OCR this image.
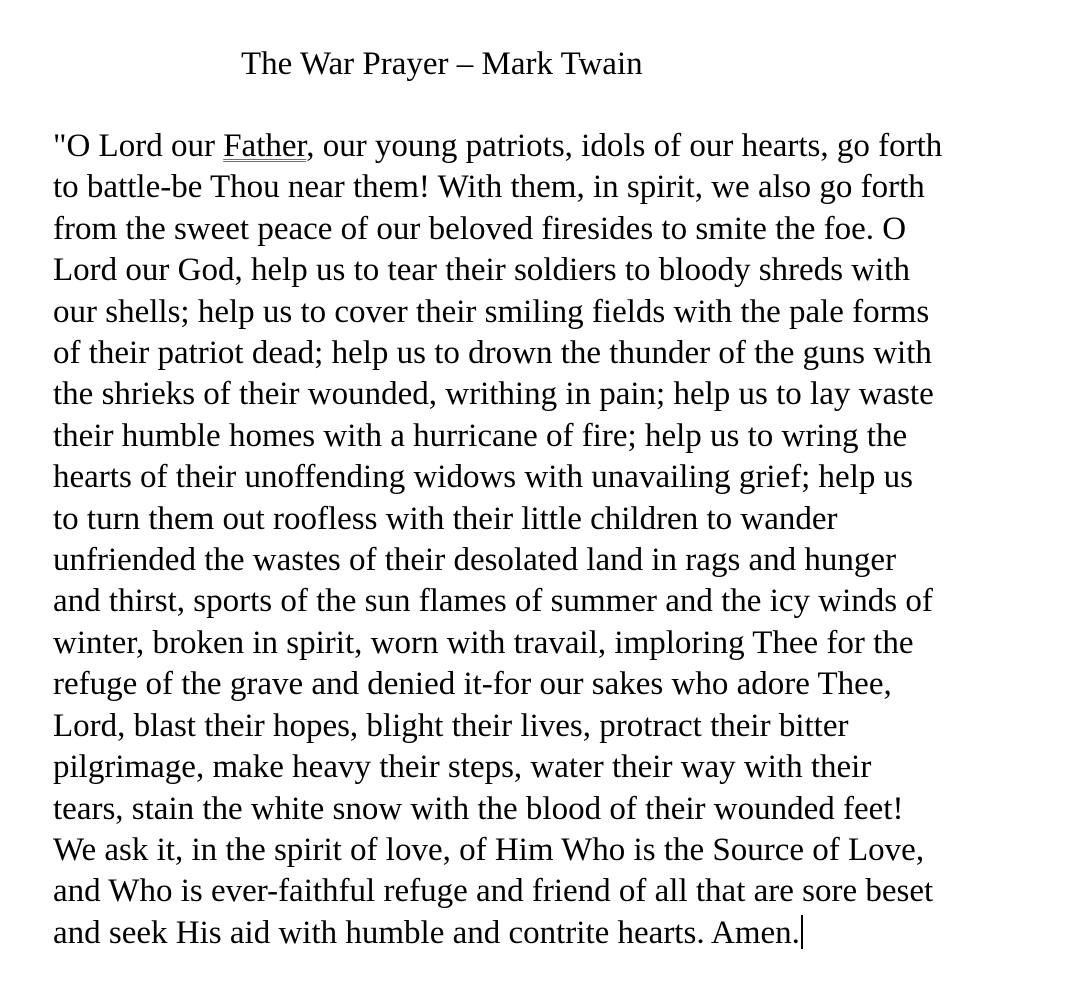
The War Prayer – Mark Twain
"O Lord our Father, our young patriots, idols of our hearts, go forth
to battle-be Thou near them! With them, in spirit, we also go forth
from the sweet peace of our beloved firesides to smite the foe. O
Lord our God, help us to tear their soldiers to bloody shreds with
our shells; help us to cover their smiling fields with the pale forms
of their patriot dead; help us to drown the thunder of the guns with
the shrieks of their wounded, writhing in pain; help us to lay waste
their humble homes with a hurricane of fire; help us to wring the
hearts of their unoffending widows with unavailing grief; help us
to turn them out roofless with their little children to wander
unfriended the wastes of their desolated land in rags and hunger
and thirst, sports of the sun flames of summer and the icy winds of
winter, broken in spirit, worn with travail, imploring Thee for the
refuge of the grave and denied it-for our sakes who adore Thee,
Lord, blast their hopes, blight their lives, protract their bitter
pilgrimage, make heavy their steps, water their way with their
tears, stain the white snow with the blood of their wounded feet!
We ask it, in the spirit of love, of Him Who is the Source of Love,
and Who is ever-faithful refuge and friend of all that are sore beset
and seek His aid with humble and contrite hearts. Amen.
